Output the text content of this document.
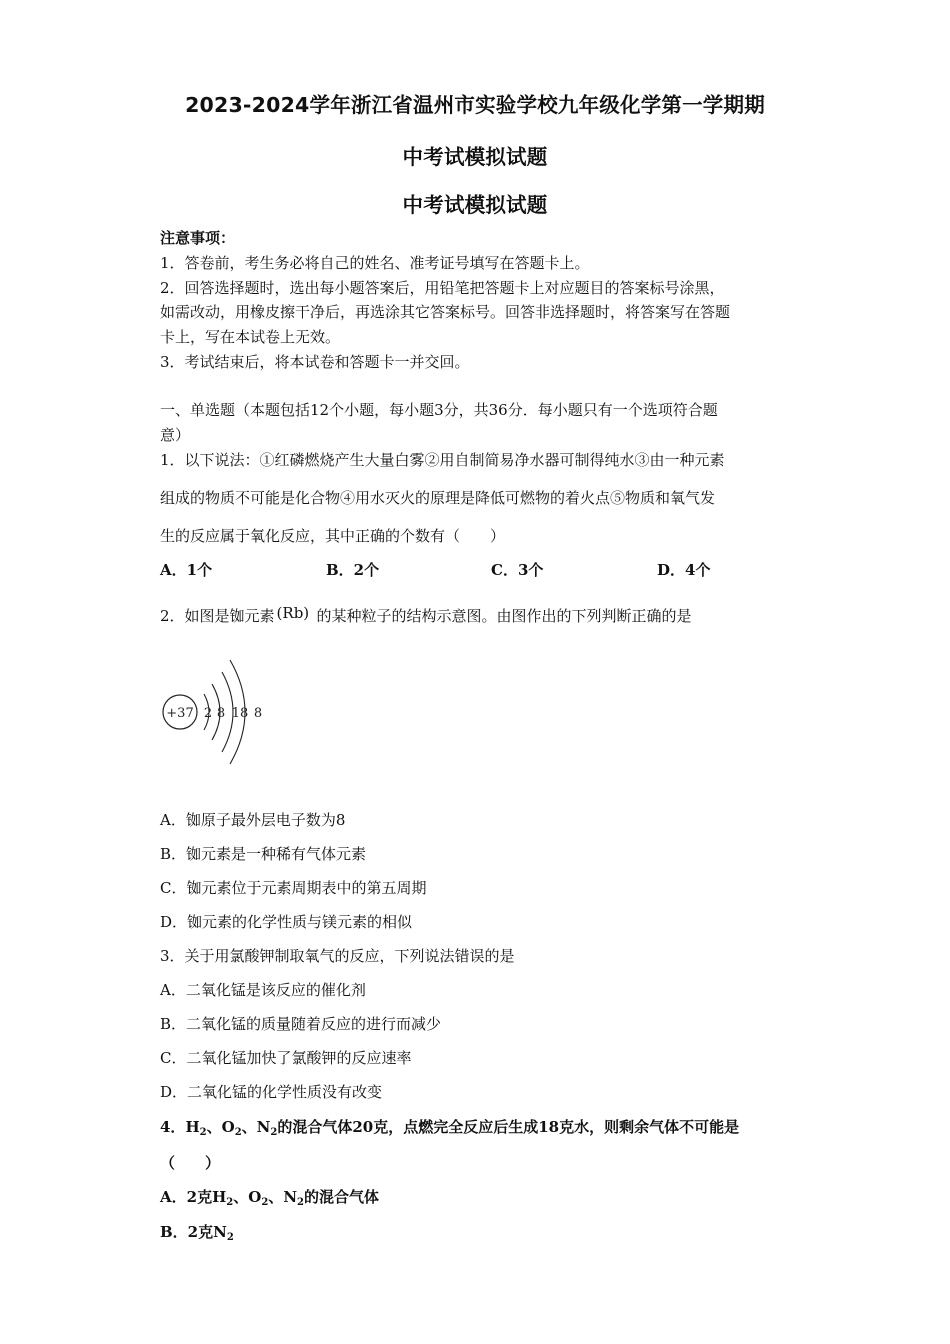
2023-2024学年浙江省温州市实验学校九年级化学第一学期期
中考试模拟试题
中考试模拟试题
注意事项：
1．答卷前，考生务必将自己的姓名、准考证号填写在答题卡上。
2．回答选择题时，选出每小题答案后，用铅笔把答题卡上对应题目的答案标号涂黑，
如需改动，用橡皮擦干净后，再选涂其它答案标号。回答非选择题时，将答案写在答题
卡上，写在本试卷上无效。
3．考试结束后，将本试卷和答题卡一并交回。
一、单选题（本题包括12个小题，每小题3分，共36分．每小题只有一个选项符合题
意）
1．以下说法：①红磷燃烧产生大量白雾②用自制简易净水器可制得纯水③由一种元素
组成的物质不可能是化合物④用水灭火的原理是降低可燃物的着火点⑤物质和氧气发
生的反应属于氧化反应，其中正确的个数有（　　）
A．1个	B．2个	C．3个	D．4个
2．如图是铷元素 (Rb) 的某种粒子的结构示意图。由图作出的下列判断正确的是
+37 2 8 18 8
A．铷原子最外层电子数为8
B．铷元素是一种稀有气体元素
C．铷元素位于元素周期表中的第五周期
D．铷元素的化学性质与镁元素的相似
3．关于用氯酸钾制取氧气的反应，下列说法错误的是
A．二氧化锰是该反应的催化剂
B．二氧化锰的质量随着反应的进行而减少
C．二氧化锰加快了氯酸钾的反应速率
D．二氧化锰的化学性质没有改变
4．$H_2$、$O_2$、$N_2$的混合气体20克，点燃完全反应后生成18克水，则剩余气体不可能是
（　　）
A．2克$H_2$、$O_2$、$N_2$的混合气体
B．2克$N_2$
